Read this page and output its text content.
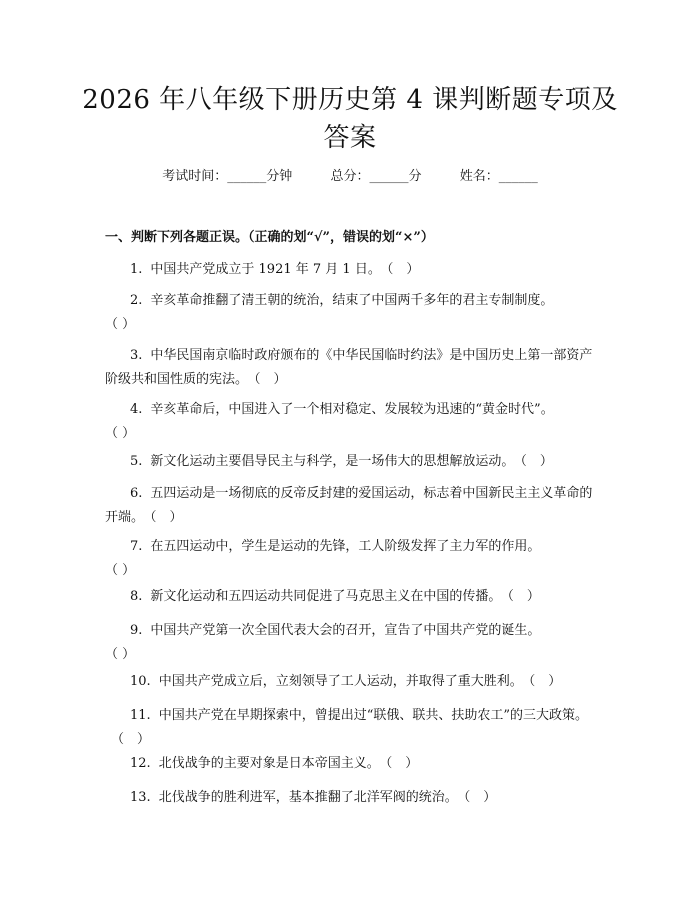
2026 年八年级下册历史第 4 课判断题专项及
答案
考试时间：______分钟	总分：______分	姓名：______
一、判断下列各题正误。（正确的划“√”，错误的划“×”）
1. 中国共产党成立于 1921 年 7 月 1 日。 （　）
2. 辛亥革命推翻了清王朝的统治，结束了中国两千多年的君主专制制度。
（ ）
3. 中华民国南京临时政府颁布的《中华民国临时约法》是中国历史上第一部资产阶级共和国性质的宪法。 （　）
4. 辛亥革命后，中国进入了一个相对稳定、发展较为迅速的“黄金时代”。
（ ）
5. 新文化运动主要倡导民主与科学，是一场伟大的思想解放运动。 （　）
6. 五四运动是一场彻底的反帝反封建的爱国运动，标志着中国新民主主义革命的开端。 （　）
7. 在五四运动中，学生是运动的先锋，工人阶级发挥了主力军的作用。
（ ）
8. 新文化运动和五四运动共同促进了马克思主义在中国的传播。 （　）
9. 中国共产党第一次全国代表大会的召开，宣告了中国共产党的诞生。
（ ）
10. 中国共产党成立后，立刻领导了工人运动，并取得了重大胜利。 （　）
11. 中国共产党在早期探索中，曾提出过“联俄、联共、扶助农工”的三大政策。（　）
12. 北伐战争的主要对象是日本帝国主义。 （　）
13. 北伐战争的胜利进军，基本推翻了北洋军阀的统治。 （　）
